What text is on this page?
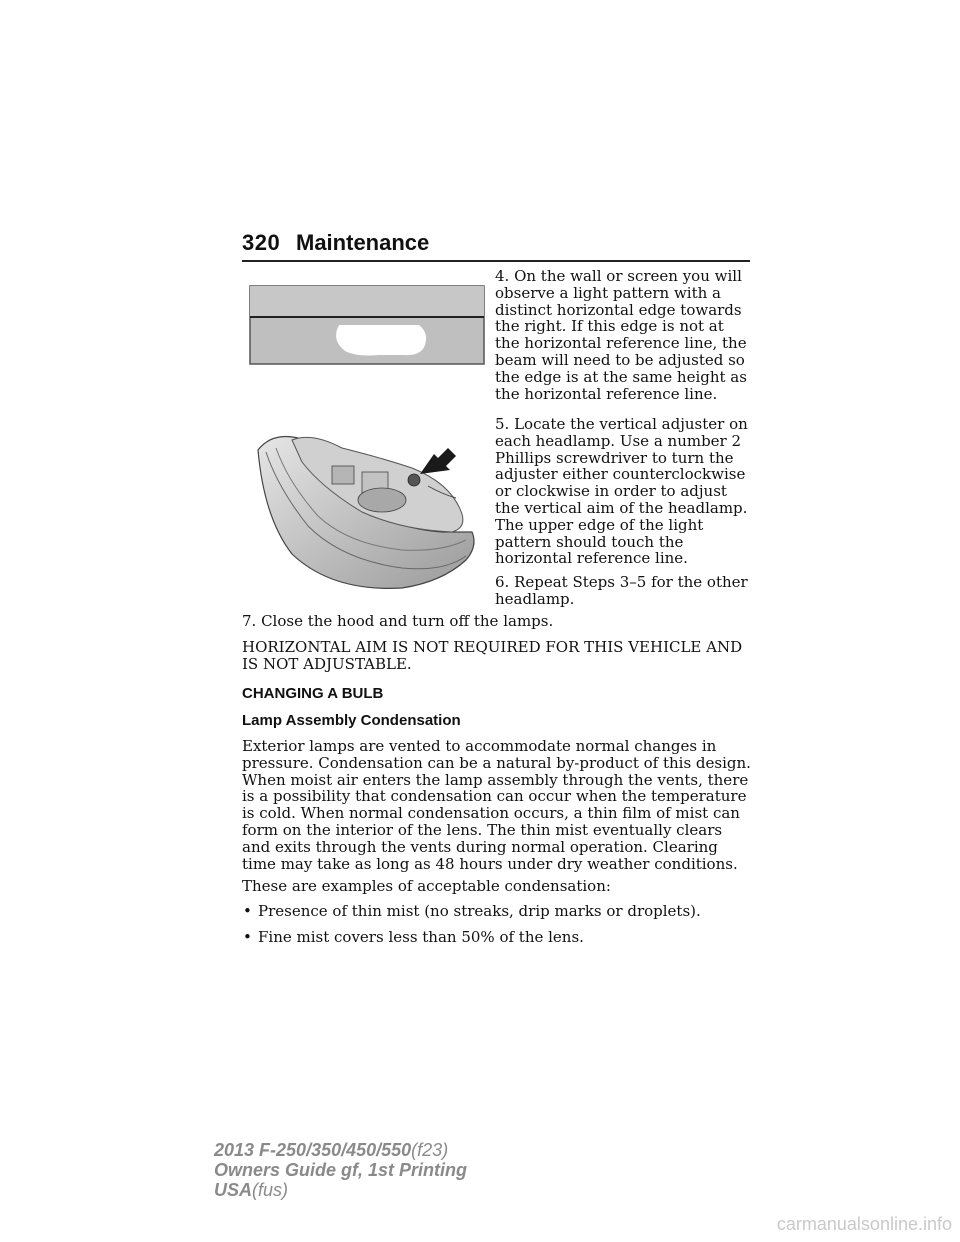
320 Maintenance
4. On the wall or screen you will observe a light pattern with a distinct horizontal edge towards the right. If this edge is not at the horizontal reference line, the beam will need to be adjusted so the edge is at the same height as the horizontal reference line.
5. Locate the vertical adjuster on each headlamp. Use a number 2 Phillips screwdriver to turn the adjuster either counterclockwise or clockwise in order to adjust the vertical aim of the headlamp. The upper edge of the light pattern should touch the horizontal reference line.
6. Repeat Steps 3–5 for the other headlamp.
7. Close the hood and turn off the lamps.
HORIZONTAL AIM IS NOT REQUIRED FOR THIS VEHICLE AND IS NOT ADJUSTABLE.
CHANGING A BULB
Lamp Assembly Condensation
Exterior lamps are vented to accommodate normal changes in pressure. Condensation can be a natural by-product of this design. When moist air enters the lamp assembly through the vents, there is a possibility that condensation can occur when the temperature is cold. When normal condensation occurs, a thin film of mist can form on the interior of the lens. The thin mist eventually clears and exits through the vents during normal operation. Clearing time may take as long as 48 hours under dry weather conditions.
These are examples of acceptable condensation:
• Presence of thin mist (no streaks, drip marks or droplets).
• Fine mist covers less than 50% of the lens.
2013 F-250/350/450/550(f23)
Owners Guide gf, 1st Printing
USA(fus)
carmanualsonline.info
